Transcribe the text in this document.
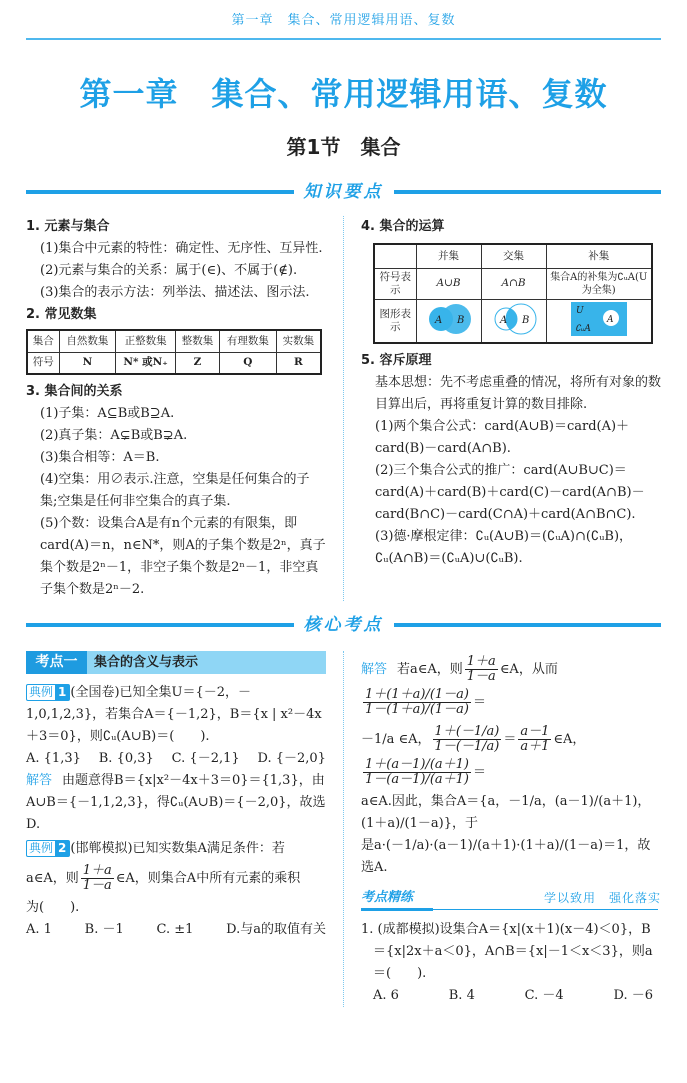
第一章　集合、常用逻辑用语、复数
第一章　集合、常用逻辑用语、复数
第1节　集合
知识要点
1. 元素与集合
(1)集合中元素的特性：确定性、无序性、互异性.
(2)元素与集合的关系：属于(∈)、不属于(∉).
(3)集合的表示方法：列举法、描述法、图示法.
2. 常见数集
集合	自然数集	正整数集	整数集	有理数集	实数集
符号	N	N* 或N₊	Z	Q	R
3. 集合间的关系
(1)子集：A⊆B或B⊇A.
(2)真子集：A⊊B或B⊋A.
(3)集合相等：A＝B.
(4)空集：用∅表示.注意，空集是任何集合的子集;空集是任何非空集合的真子集.
(5)个数：设集合A是有n个元素的有限集，即card(A)＝n，n∈N*，则A的子集个数是2ⁿ，真子集个数是2ⁿ－1，非空子集个数是2ⁿ－1，非空真子集个数是2ⁿ－2.
4. 集合的运算
	并集	交集	补集
符号表示	A∪B	A∩B	集合A的补集为∁ᵤA(U为全集)
图形表示	A B	A B	A
U
∁ᵤA
5. 容斥原理
基本思想：先不考虑重叠的情况，将所有对象的数目算出后，再将重复计算的数目排除.
(1)两个集合公式：card(A∪B)＝card(A)＋card(B)－card(A∩B).
(2)三个集合公式的推广：card(A∪B∪C)＝card(A)＋card(B)＋card(C)－card(A∩B)－card(B∩C)－card(C∩A)＋card(A∩B∩C).
(3)德·摩根定律：∁ᵤ(A∪B)＝(∁ᵤA)∩(∁ᵤB)，∁ᵤ(A∩B)＝(∁ᵤA)∪(∁ᵤB).
核心考点
考点一	集合的含义与表示
典例 1 (全国卷)已知全集U＝{－2，－1,0,1,2,3}，若集合A＝{－1,2}，B＝{x | x²－4x＋3＝0}，则∁ᵤ(A∪B)＝(　　).
A. {1,3} B. {0,3} C. {－2,1} D. {－2,0}
解答 由题意得B＝{x|x²－4x＋3＝0}＝{1,3}，由A∪B＝{－1,1,2,3}，得∁ᵤ(A∪B)＝{－2,0}，故选D.
典例 2 (邯郸模拟)已知实数集A满足条件：若
a∈A，则 $\frac{1+a}{1-a}$ ∈A，则集合A中所有元素的乘积
为(　　).
A. 1	B. －1	C. ±1	D.与a的取值有关
解答 若a∈A，则 $\frac{1+a}{1-a}$ ∈A，从而
$\frac{1+(1+a)/(1-a)}{1-(1+a)/(1-a)}$ ＝
－1/a ∈A， $\frac{1+(-1/a)}{1-(-1/a)} = \frac{a-1}{a+1}$ ∈A，
$\frac{1+(a-1)/(a+1)}{1-(a-1)/(a+1)}$ ＝
a∈A.因此，集合A＝{a，－1/a，(a－1)/(a＋1)，(1＋a)/(1－a)}，于
是a·(－1/a)·(a－1)/(a＋1)·(1＋a)/(1－a)＝1，故选A.
考点精练	学以致用　强化落实
1. (成都模拟)设集合A＝{x|(x＋1)(x－4)＜0}，B＝{x|2x＋a＜0}，A∩B＝{x|－1＜x＜3}，则a＝(　　).
A. 6	B. 4	C. －4	D. －6
